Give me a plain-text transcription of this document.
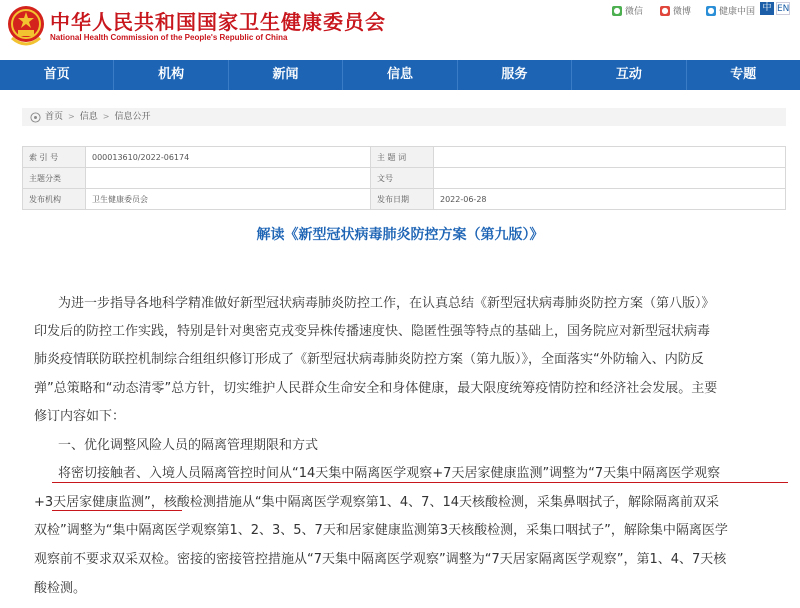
中华人民共和国国家卫生健康委员会
National Health Commission of the People's Republic of China
● 微信 ● 微博 ● 健康中国 中 EN
首页	机构	新闻	信息	服务	互动	专题
首页 > 信息 > 信息公开
索 引 号	000013610/2022-06174	主 题 词	
主题分类		文号	
发布机构	卫生健康委员会	发布日期	2022-06-28
解读《新型冠状病毒肺炎防控方案（第九版）》
为进一步指导各地科学精准做好新型冠状病毒肺炎防控工作，在认真总结《新型冠状病毒肺炎防控方案（第八版）》
印发后的防控工作实践，特别是针对奥密克戎变异株传播速度快、隐匿性强等特点的基础上，国务院应对新型冠状病毒
肺炎疫情联防联控机制综合组组织修订形成了《新型冠状病毒肺炎防控方案（第九版）》，全面落实“外防输入、内防反
弹”总策略和“动态清零”总方针，切实维护人民群众生命安全和身体健康，最大限度统筹疫情防控和经济社会发展。主要
修订内容如下：
一、优化调整风险人员的隔离管理期限和方式
将密切接触者、入境人员隔离管控时间从“14天集中隔离医学观察+7天居家健康监测”调整为“7天集中隔离医学观察
+3天居家健康监测”，核酸检测措施从“集中隔离医学观察第1、4、7、14天核酸检测，采集鼻咽拭子，解除隔离前双采
双检”调整为“集中隔离医学观察第1、2、3、5、7天和居家健康监测第3天核酸检测，采集口咽拭子”，解除集中隔离医学
观察前不要求双采双检。密接的密接管控措施从“7天集中隔离医学观察”调整为“7天居家隔离医学观察”，第1、4、7天核
酸检测。
